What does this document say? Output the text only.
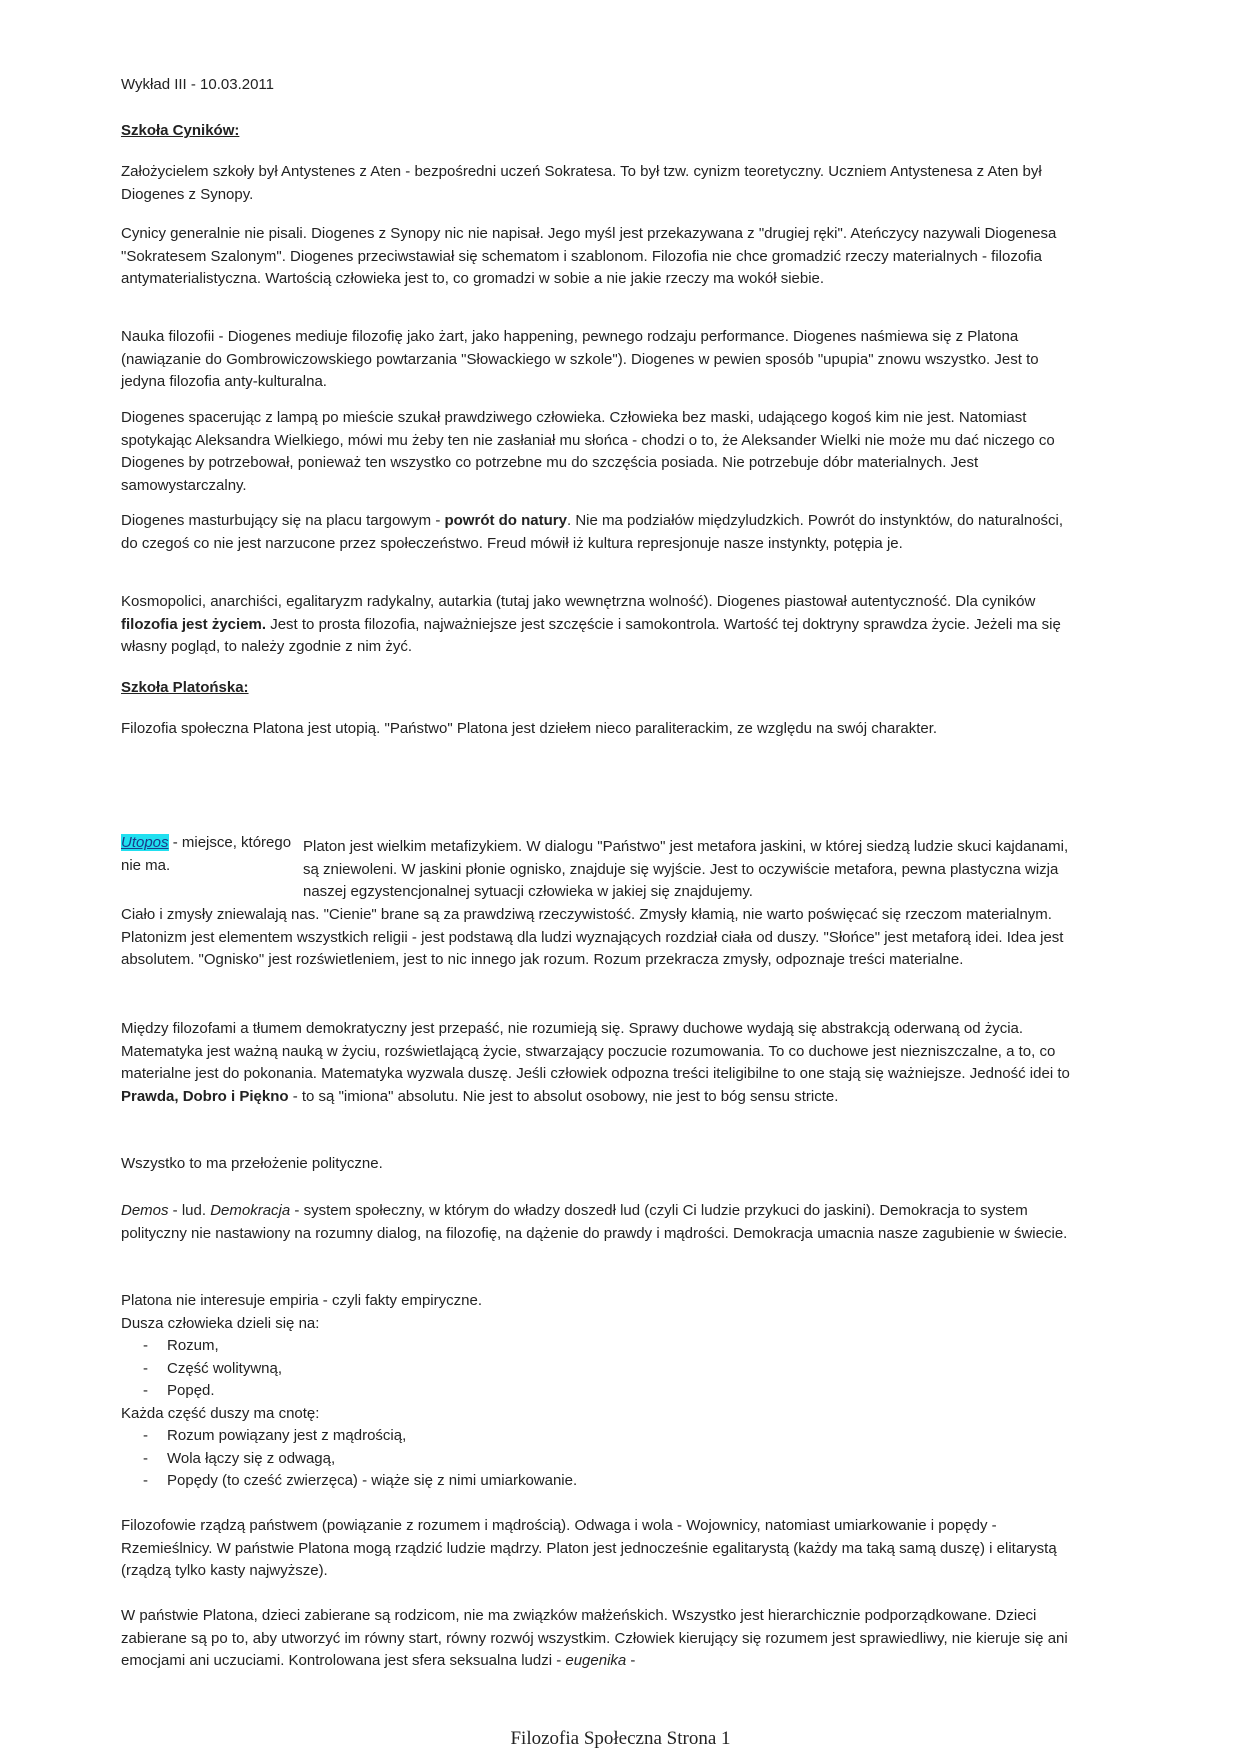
Wykład III - 10.03.2011
Szkoła Cyników:

Założycielem szkoły był Antystenes z Aten - bezpośredni uczeń Sokratesa. To był tzw. cynizm teoretyczny. Uczniem Antystenesa z Aten był Diogenes z Synopy.

Cynicy generalnie nie pisali. Diogenes z Synopy nic nie napisał. Jego myśl jest przekazywana z "drugiej ręki". Ateńczycy nazywali Diogenesa "Sokratesem Szalonym". Diogenes przeciwstawiał się schematom i szablonom. Filozofia nie chce gromadzić rzeczy materialnych - filozofia antymaterialistyczna. Wartością człowieka jest to, co gromadzi w sobie a nie jakie rzeczy ma wokół siebie.

Nauka filozofii - Diogenes mediuje filozofię jako żart, jako happening, pewnego rodzaju performance. Diogenes naśmiewa się z Platona (nawiązanie do Gombrowiczowskiego powtarzania "Słowackiego w szkole"). Diogenes w pewien sposób "upupia" znowu wszystko. Jest to jedyna filozofia anty-kulturalna.

Diogenes spacerując z lampą po mieście szukał prawdziwego człowieka. Człowieka bez maski, udającego kogoś kim nie jest. Natomiast spotykając Aleksandra Wielkiego, mówi mu żeby ten nie zasłaniał mu słońca - chodzi o to, że Aleksander Wielki nie może mu dać niczego co Diogenes by potrzebował, ponieważ ten wszystko co potrzebne mu do szczęścia posiada. Nie potrzebuje dóbr materialnych. Jest samowystarczalny.

Diogenes masturbujący się na placu targowym - powrót do natury. Nie ma podziałów międzyludzkich. Powrót do instynktów, do naturalności, do czegoś co nie jest narzucone przez społeczeństwo. Freud mówił iż kultura represjonuje nasze instynkty, potępia je.

Kosmopolici, anarchiści, egalitaryzm radykalny, autarkia (tutaj jako wewnętrzna wolność). Diogenes piastował autentyczność. Dla cyników filozofia jest życiem. Jest to prosta filozofia, najważniejsze jest szczęście i samokontrola. Wartość tej doktryny sprawdza życie. Jeżeli ma się własny pogląd, to należy zgodnie z nim żyć.

Szkoła Platońska:

Filozofia społeczna Platona jest utopią. "Państwo" Platona jest dziełem nieco paraliterackim, ze względu na swój charakter.

Utopos - miejsce, którego nie ma.
Platon jest wielkim metafizykiem. W dialogu "Państwo" jest metafora jaskini, w której siedzą ludzie skuci kajdanami, są zniewoleni. W jaskini płonie ognisko, znajduje się wyjście. Jest to oczywiście metafora, pewna plastyczna wizja naszej egzystencjonalnej sytuacji człowieka w jakiej się znajdujemy.

Ciało i zmysły zniewalają nas. "Cienie" brane są za prawdziwą rzeczywistość. Zmysły kłamią, nie warto poświęcać się rzeczom materialnym. Platonizm jest elementem wszystkich religii - jest podstawą dla ludzi wyznających rozdział ciała od duszy. "Słońce" jest metaforą idei. Idea jest absolutem. "Ognisko" jest rozświetleniem, jest to nic innego jak rozum. Rozum przekracza zmysły, odpoznaje treści materialne.

Między filozofami a tłumem demokratyczny jest przepaść, nie rozumieją się. Sprawy duchowe wydają się abstrakcją oderwaną od życia. Matematyka jest ważną nauką w życiu, rozświetlającą życie, stwarzający poczucie rozumowania. To co duchowe jest niezniszczalne, a to, co materialne jest do pokonania. Matematyka wyzwala duszę. Jeśli człowiek odpozna treści iteligibilne to one stają się ważniejsze. Jedność idei to Prawda, Dobro i Piękno - to są "imiona" absolutu. Nie jest to absolut osobowy, nie jest to bóg sensu stricte.

Wszystko to ma przełożenie polityczne.

Demos - lud. Demokracja - system społeczny, w którym do władzy doszedł lud (czyli Ci ludzie przykuci do jaskini). Demokracja to system polityczny nie nastawiony na rozumny dialog, na filozofię, na dążenie do prawdy i mądrości. Demokracja umacnia nasze zagubienie w świecie.

Platona nie interesuje empiria - czyli fakty empiryczne.
Dusza człowieka dzieli się na:
- Rozum,
- Część wolitywną,
- Popęd.
Każda część duszy ma cnotę:
- Rozum powiązany jest z mądrością,
- Wola łączy się z odwagą,
- Popędy (to cześć zwierzęca) - wiąże się z nimi umiarkowanie.

Filozofowie rządzą państwem (powiązanie z rozumem i mądrością). Odwaga i wola - Wojownicy, natomiast umiarkowanie i popędy - Rzemieślnicy. W państwie Platona mogą rządzić ludzie mądrzy. Platon jest jednocześnie egalitarystą (każdy ma taką samą duszę) i elitarystą (rządzą tylko kasty najwyższe).

W państwie Platona, dzieci zabierane są rodzicom, nie ma związków małżeńskich. Wszystko jest hierarchicznie podporządkowane. Dzieci zabierane są po to, aby utworzyć im równy start, równy rozwój wszystkim. Człowiek kierujący się rozumem jest sprawiedliwy, nie kieruje się ani emocjami ani uczuciami. Kontrolowana jest sfera seksualna ludzi - eugenika -

Filozofia Społeczna Strona 1
